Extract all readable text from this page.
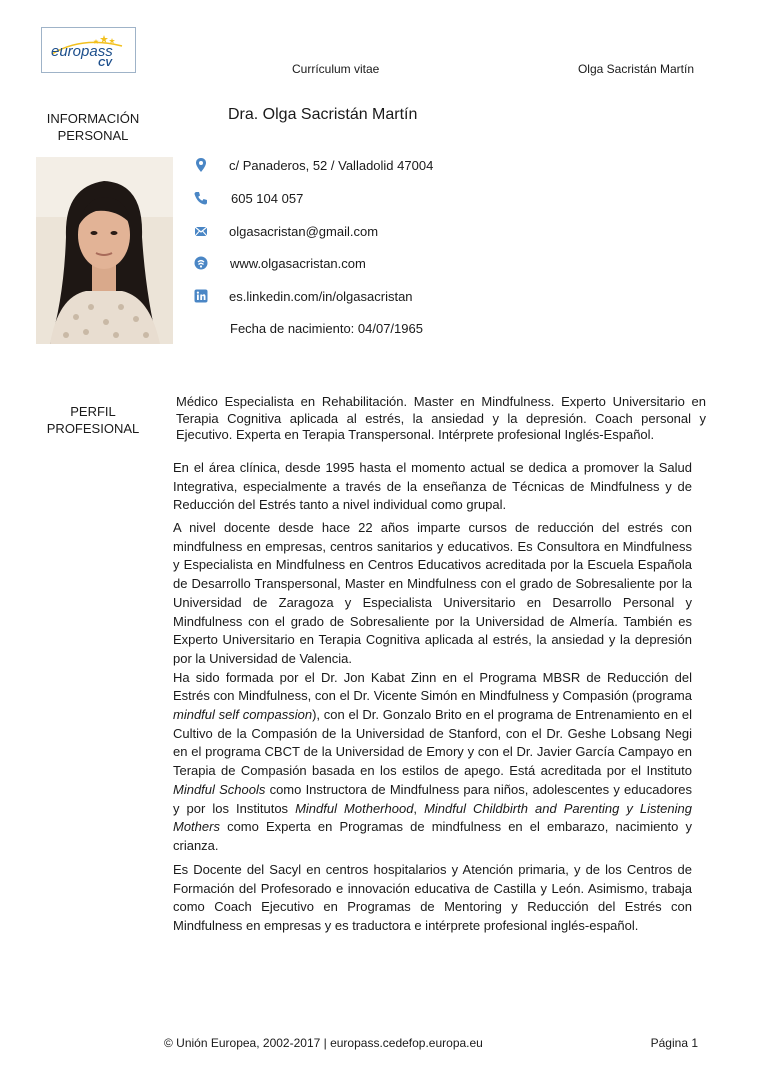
europass
CV	Currículum vitae	Olga Sacristán Martín
INFORMACIÓN PERSONAL
Dra. Olga Sacristán Martín
c/ Panaderos, 52 / Valladolid 47004
605 104 057
olgasacristan@gmail.com
www.olgasacristan.com
es.linkedin.com/in/olgasacristan
Fecha de nacimiento: 04/07/1965
PERFIL PROFESIONAL
Médico Especialista en Rehabilitación. Master en Mindfulness. Experto Universitario en Terapia Cognitiva aplicada al estrés, la ansiedad y la depresión. Coach personal y Ejecutivo. Experta en Terapia Transpersonal. Intérprete profesional Inglés-Español.

En el área clínica, desde 1995 hasta el momento actual se dedica a promover la Salud Integrativa, especialmente a través de la enseñanza de Técnicas de Mindfulness y de Reducción del Estrés tanto a nivel individual como grupal.

A nivel docente desde hace 22 años imparte cursos de reducción del estrés con mindfulness en empresas, centros sanitarios y educativos. Es Consultora en Mindfulness y Especialista en Mindfulness en Centros Educativos acreditada por la Escuela Española de Desarrollo Transpersonal, Master en Mindfulness con el grado de Sobresaliente por la Universidad de Zaragoza y Especialista Universitario en Desarrollo Personal y Mindfulness con el grado de Sobresaliente por la Universidad de Almería. También es Experto Universitario en Terapia Cognitiva aplicada al estrés, la ansiedad y la depresión por la Universidad de Valencia.

Ha sido formada por el Dr. Jon Kabat Zinn en el Programa MBSR de Reducción del Estrés con Mindfulness, con el Dr. Vicente Simón en Mindfulness y Compasión (programa mindful self compassion), con el Dr. Gonzalo Brito en el programa de Entrenamiento en el Cultivo de la Compasión de la Universidad de Stanford, con el Dr. Geshe Lobsang Negi en el programa CBCT de la Universidad de Emory y con el Dr. Javier García Campayo en Terapia de Compasión basada en los estilos de apego. Está acreditada por el Instituto Mindful Schools como Instructora de Mindfulness para niños, adolescentes y educadores y por los Institutos Mindful Motherhood, Mindful Childbirth and Parenting y Listening Mothers como Experta en Programas de mindfulness en el embarazo, nacimiento y crianza.

Es Docente del Sacyl en centros hospitalarios y Atención primaria, y de los Centros de Formación del Profesorado e innovación educativa de Castilla y León. Asimismo, trabaja como Coach Ejecutivo en Programas de Mentoring y Reducción del Estrés con Mindfulness en empresas y es traductora e intérprete profesional inglés-español.

© Unión Europea, 2002-2017 | europass.cedefop.europa.eu	Página 1
